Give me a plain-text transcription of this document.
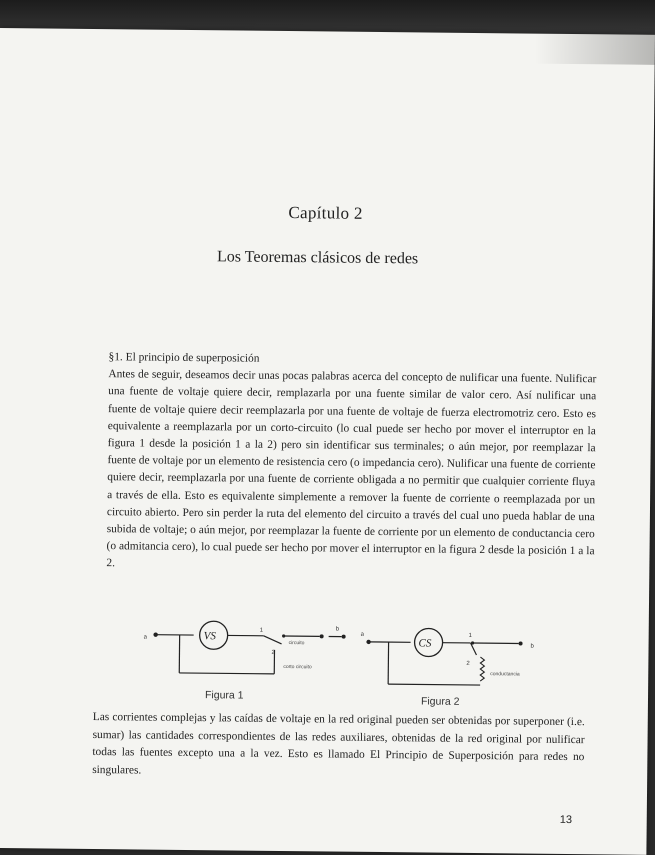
Capítulo 2
Los Teoremas clásicos de redes
§1. El principio de superposición

Antes de seguir, deseamos decir unas pocas palabras acerca del concepto de nulificar una fuente. Nulificar una fuente de voltaje quiere decir, remplazarla por una fuente similar de valor cero. Así nulificar una fuente de voltaje quiere decir reemplazarla por una fuente de voltaje de fuerza electromotriz cero. Esto es equivalente a reemplazarla por un corto-circuito (lo cual puede ser hecho por mover el interruptor en la figura 1 desde la posición 1 a la 2) pero sin identificar sus terminales; o aún mejor, por reemplazar la fuente de voltaje por un elemento de resistencia cero (o impedancia cero). Nulificar una fuente de corriente quiere decir, reemplazarla por una fuente de corriente obligada a no permitir que cualquier corriente fluya a través de ella. Esto es equivalente simplemente a remover la fuente de corriente o reemplazada por un circuito abierto. Pero sin perder la ruta del elemento del circuito a través del cual uno pueda hablar de una subida de voltaje; o aún mejor, por reemplazar la fuente de corriente por un elemento de conductancia cero (o admitancia cero), lo cual puede ser hecho por mover el interruptor en la figura 2 desde la posición 1 a la 2.

VS
a
b
1
2
circuito
corto circuito
Figura 1
CS
a
b
1
2
conductancia
Figura 2

Las corrientes complejas y las caídas de voltaje en la red original pueden ser obtenidas por superponer (i.e. sumar) las cantidades correspondientes de las redes auxiliares, obtenidas de la red original por nulificar todas las fuentes excepto una a la vez. Esto es llamado El Principio de Superposición para redes no singulares.

13
